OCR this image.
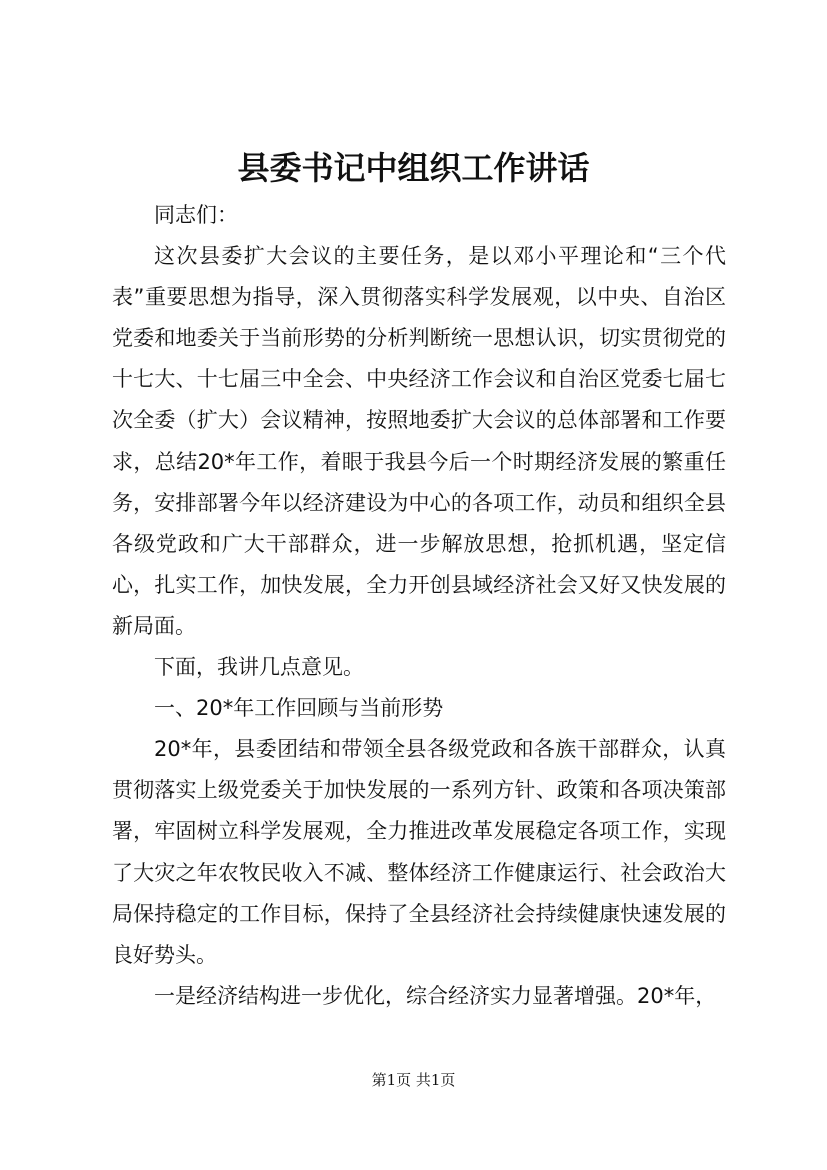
县委书记中组织工作讲话

同志们：

这次县委扩大会议的主要任务，是以邓小平理论和“三个代表”重要思想为指导，深入贯彻落实科学发展观，以中央、自治区党委和地委关于当前形势的分析判断统一思想认识，切实贯彻党的十七大、十七届三中全会、中央经济工作会议和自治区党委七届七次全委（扩大）会议精神，按照地委扩大会议的总体部署和工作要求，总结20*年工作，着眼于我县今后一个时期经济发展的繁重任务，安排部署今年以经济建设为中心的各项工作，动员和组织全县各级党政和广大干部群众，进一步解放思想，抢抓机遇，坚定信心，扎实工作，加快发展，全力开创县域经济社会又好又快发展的新局面。

下面，我讲几点意见。

一、20*年工作回顾与当前形势

20*年，县委团结和带领全县各级党政和各族干部群众，认真贯彻落实上级党委关于加快发展的一系列方针、政策和各项决策部署，牢固树立科学发展观，全力推进改革发展稳定各项工作，实现了大灾之年农牧民收入不减、整体经济工作健康运行、社会政治大局保持稳定的工作目标，保持了全县经济社会持续健康快速发展的良好势头。

一是经济结构进一步优化，综合经济实力显著增强。20*年，

第1页 共1页
